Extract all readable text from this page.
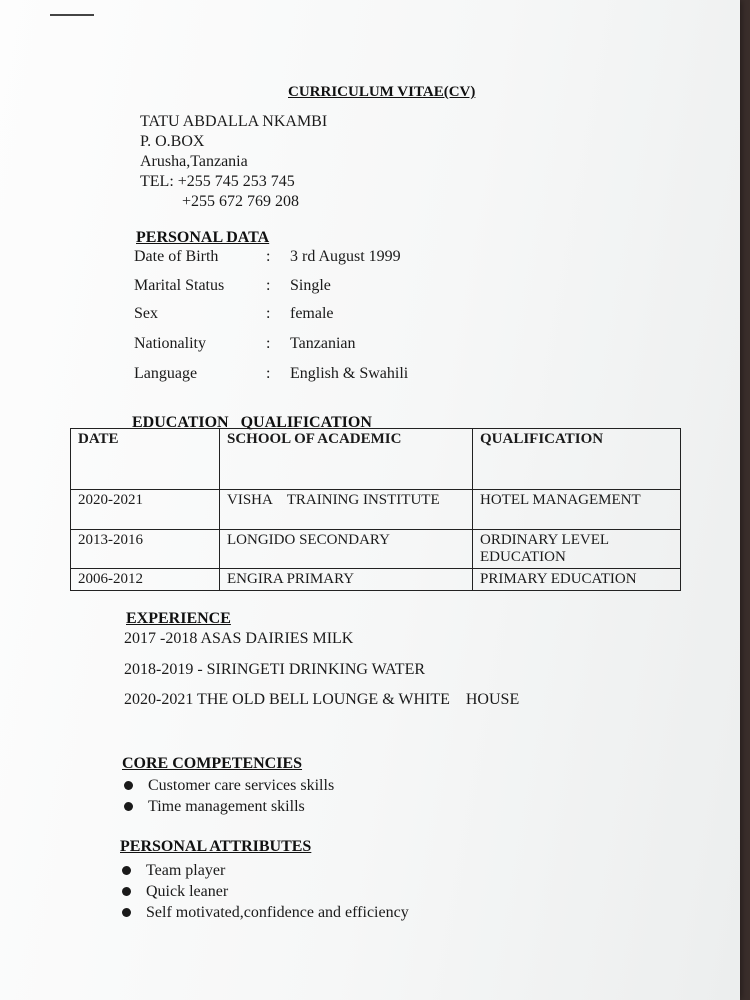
CURRICULUM VITAE(CV)
TATU ABDALLA NKAMBI
P. O.BOX
Arusha,Tanzania
TEL: +255 745 253 745
+255 672 769 208
PERSONAL DATA
Date of Birth	: 3 rd August 1999
Marital Status	: Single
Sex	: female
Nationality	: Tanzanian
Language	: English & Swahili
EDUCATION   QUALIFICATION
DATE	SCHOOL OF ACADEMIC	QUALIFICATION
2020-2021	VISHA    TRAINING INSTITUTE	HOTEL MANAGEMENT
2013-2016	LONGIDO SECONDARY	ORDINARY LEVEL EDUCATION
2006-2012	ENGIRA PRIMARY	PRIMARY EDUCATION
EXPERIENCE
2017 -2018 ASAS DAIRIES MILK
2018-2019 - SIRINGETI DRINKING WATER
2020-2021 THE OLD BELL LOUNGE & WHITE    HOUSE
CORE COMPETENCIES
Customer care services skills
Time management skills
PERSONAL ATTRIBUTES
Team player
Quick leaner
Self motivated,confidence and efficiency
